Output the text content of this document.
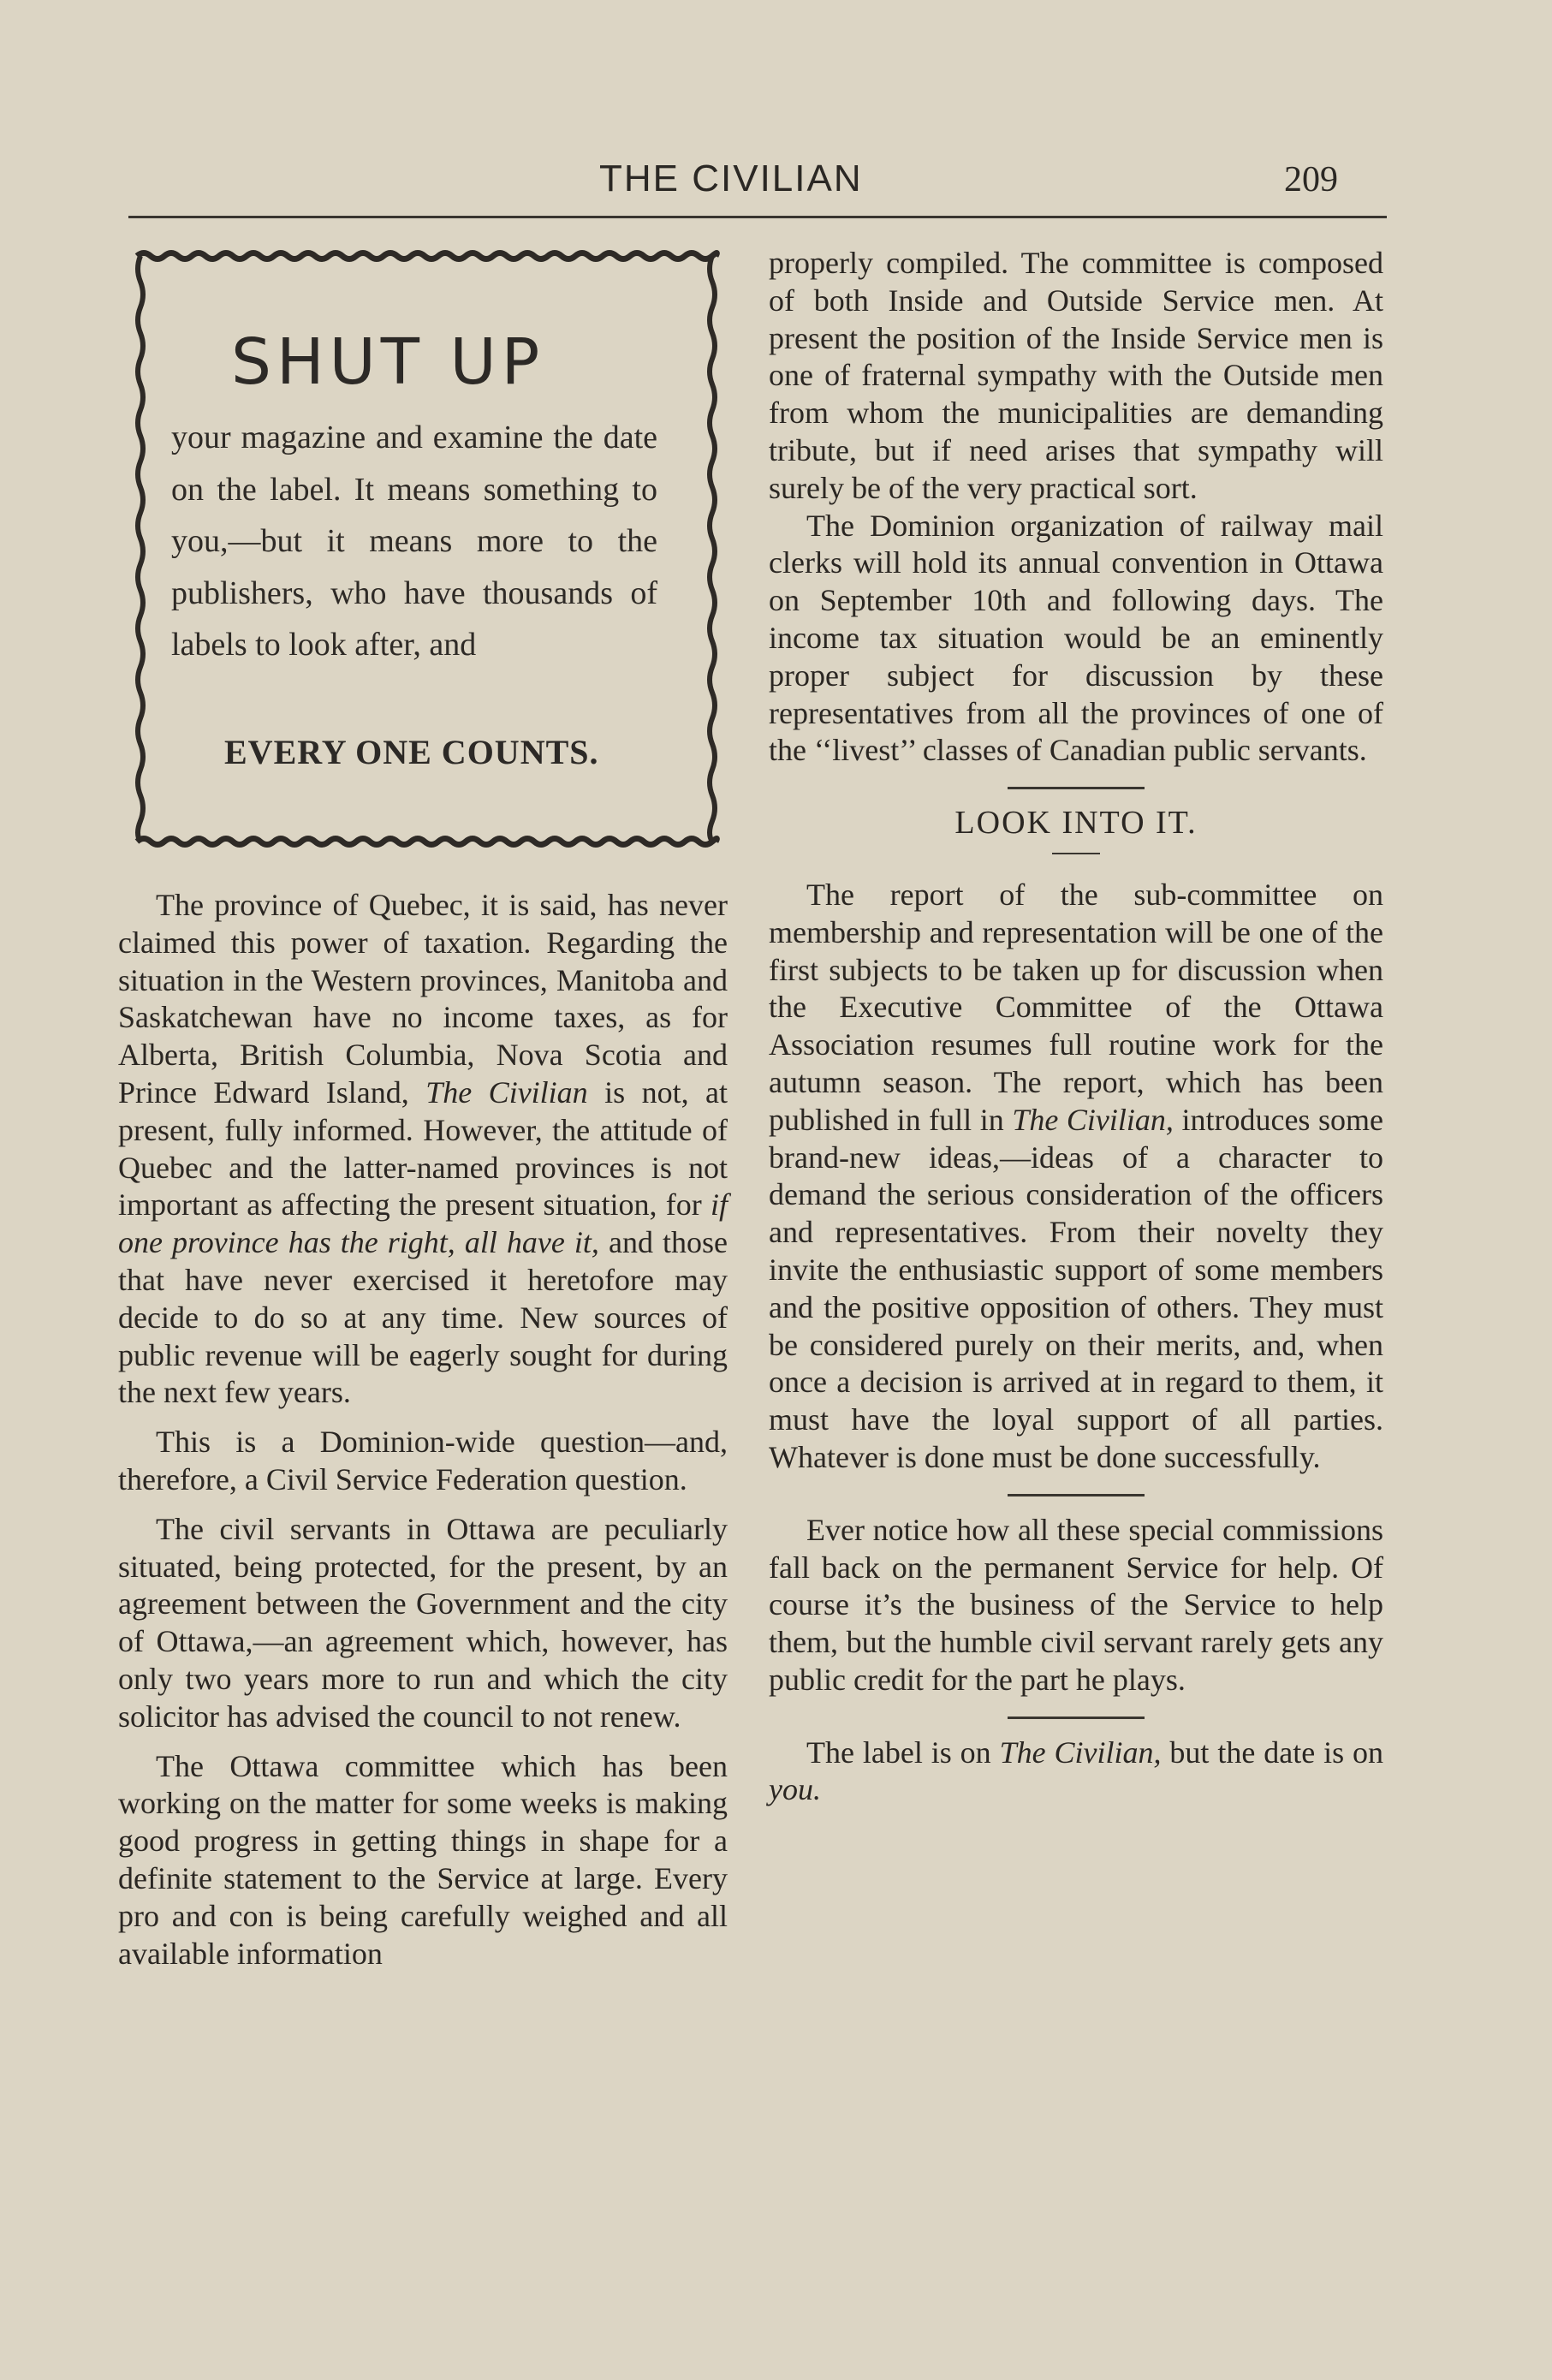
THE CIVILIAN	209
SHUT UP
your magazine and examine the date on the label. It means something to you,—but it means more to the publishers, who have thousands of labels to look after, and
EVERY ONE COUNTS.

The province of Quebec, it is said, has never claimed this power of taxation. Regarding the situation in the Western provinces, Manitoba and Saskatchewan have no income taxes, as for Alberta, British Columbia, Nova Scotia and Prince Edward Island, The Civilian is not, at present, fully informed. However, the attitude of Quebec and the latter-named provinces is not important as affecting the present situation, for if one province has the right, all have it, and those that have never exercised it heretofore may decide to do so at any time. New sources of public revenue will be eagerly sought for during the next few years.

This is a Dominion-wide question—and, therefore, a Civil Service Federation question.

The civil servants in Ottawa are peculiarly situated, being protected, for the present, by an agreement between the Government and the city of Ottawa,—an agreement which, however, has only two years more to run and which the city solicitor has advised the council to not renew.

The Ottawa committee which has been working on the matter for some weeks is making good progress in getting things in shape for a definite statement to the Service at large. Every pro and con is being carefully weighed and all available information

properly compiled. The committee is composed of both Inside and Outside Service men. At present the position of the Inside Service men is one of fraternal sympathy with the Outside men from whom the municipalities are demanding tribute, but if need arises that sympathy will surely be of the very practical sort.

The Dominion organization of railway mail clerks will hold its annual convention in Ottawa on September 10th and following days. The income tax situation would be an eminently proper subject for discussion by these representatives from all the provinces of one of the ‘‘livest’’ classes of Canadian public servants.

LOOK INTO IT.

The report of the sub-committee on membership and representation will be one of the first subjects to be taken up for discussion when the Executive Committee of the Ottawa Association resumes full routine work for the autumn season. The report, which has been published in full in The Civilian, introduces some brand-new ideas,—ideas of a character to demand the serious consideration of the officers and representatives. From their novelty they invite the enthusiastic support of some members and the positive opposition of others. They must be considered purely on their merits, and, when once a decision is arrived at in regard to them, it must have the loyal support of all parties. Whatever is done must be done successfully.

Ever notice how all these special commissions fall back on the permanent Service for help. Of course it’s the business of the Service to help them, but the humble civil servant rarely gets any public credit for the part he plays.

The label is on The Civilian, but the date is on you.
